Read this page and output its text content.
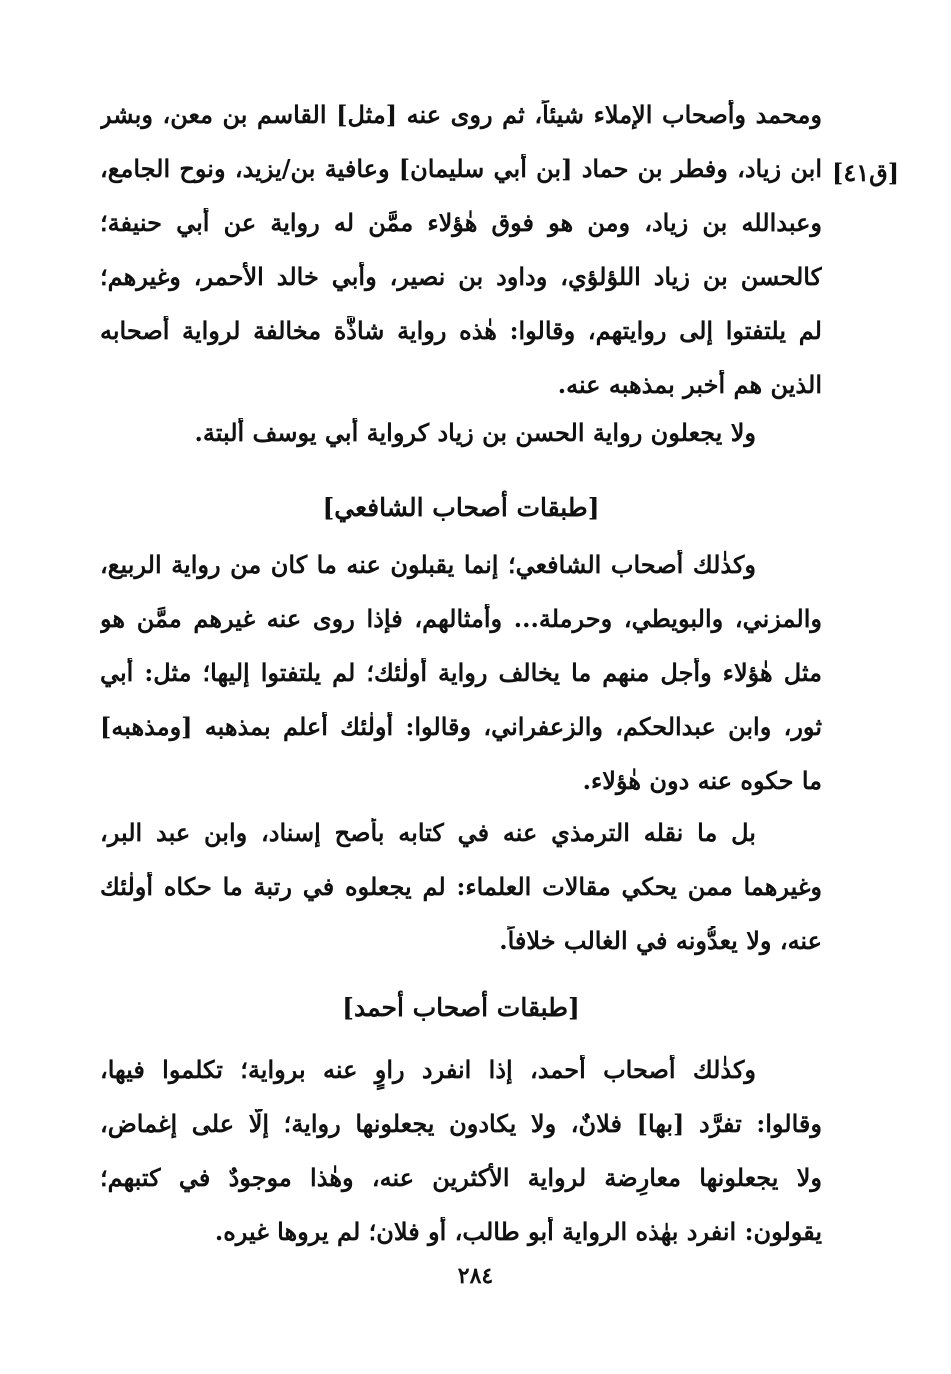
[ق٤١]
ومحمد وأصحاب الإملاء شيئاً، ثم روى عنه [مثل] القاسم بن معن، وبشر
ابن زياد، وفطر بن حماد [بن أبي سليمان] وعافية بن/يزيد، ونوح الجامع،
وعبدالله بن زياد، ومن هو فوق هٰؤلاء ممَّن له رواية عن أبي حنيفة؛
كالحسن بن زياد اللؤلؤي، وداود بن نصير، وأبي خالد الأحمر، وغيرهم؛
لم يلتفتوا إلى روايتهم، وقالوا: هٰذه رواية شاذَّة مخالفة لرواية أصحابه
الذين هم أخبر بمذهبه عنه.
ولا يجعلون رواية الحسن بن زياد كرواية أبي يوسف ألبتة.
[طبقات أصحاب الشافعي]
وكذٰلك أصحاب الشافعي؛ إنما يقبلون عنه ما كان من رواية الربيع،
والمزني، والبويطي، وحرملة... وأمثالهم، فإذا روى عنه غيرهم ممَّن هو
مثل هٰؤلاء وأجل منهم ما يخالف رواية أولٰئك؛ لم يلتفتوا إليها؛ مثل: أبي
ثور، وابن عبدالحكم، والزعفراني، وقالوا: أولٰئك أعلم بمذهبه [ومذهبه]
ما حكوه عنه دون هٰؤلاء.
بل ما نقله الترمذي عنه في كتابه بأصح إسناد، وابن عبد البر،
وغيرهما ممن يحكي مقالات العلماء: لم يجعلوه في رتبة ما حكاه أولٰئك
عنه، ولا يعدُّونه في الغالب خلافاً.
[طبقات أصحاب أحمد]
وكذٰلك أصحاب أحمد، إذا انفرد راوٍ عنه برواية؛ تكلموا فيها،
وقالوا: تفرَّد [بها] فلانٌ، ولا يكادون يجعلونها رواية؛ إلَّا على إغماض،
ولا يجعلونها معارِضة لرواية الأكثرين عنه، وهٰذا موجودٌ في كتبهم؛
يقولون: انفرد بهٰذه الرواية أبو طالب، أو فلان؛ لم يروها غيره.
٢٨٤
